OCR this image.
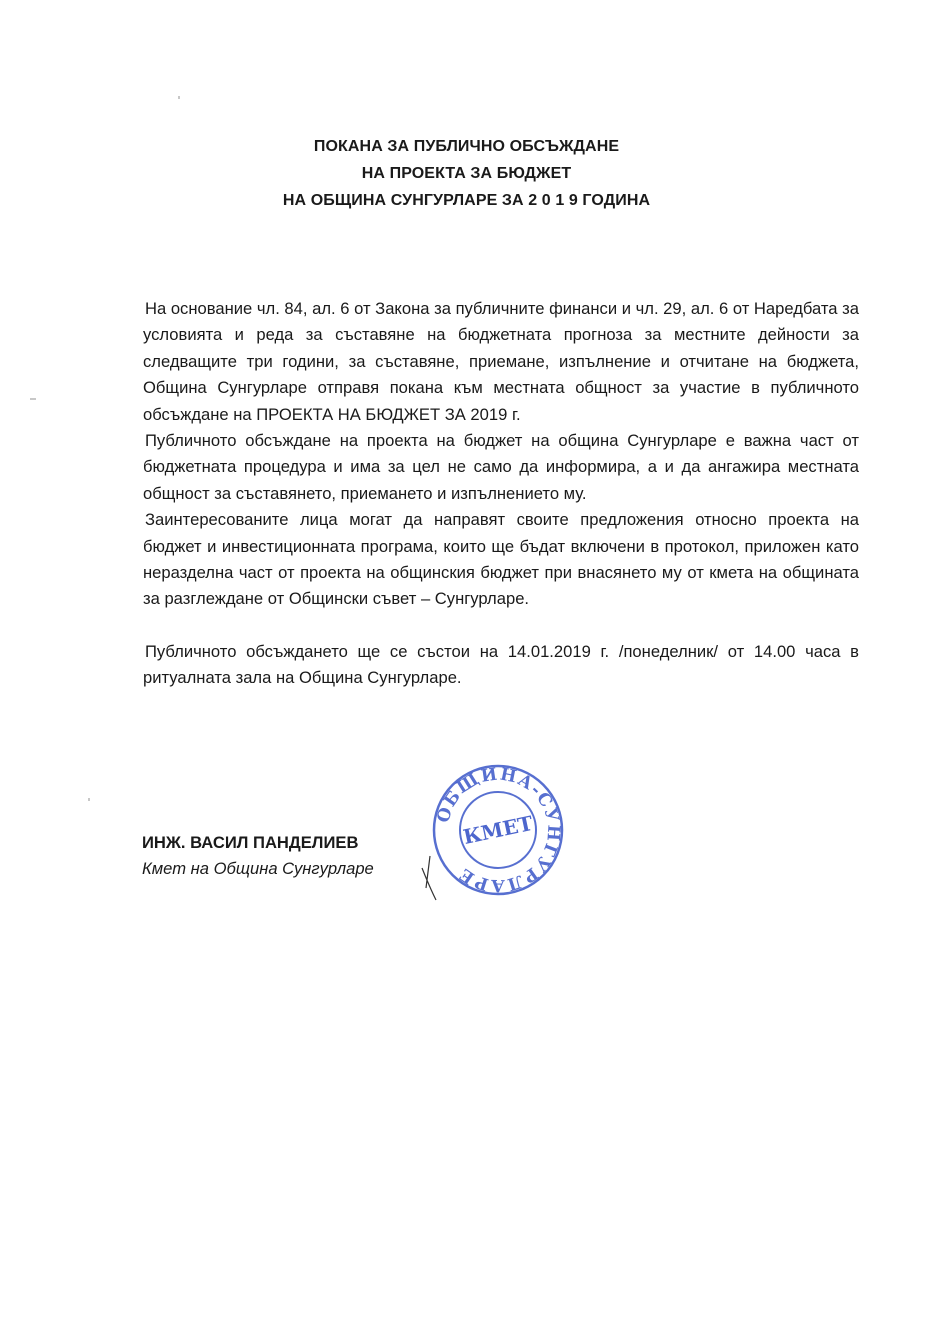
ПОКАНА ЗА ПУБЛИЧНО ОБСЪЖДАНЕ
НА ПРОЕКТА ЗА БЮДЖЕТ
НА ОБЩИНА СУНГУРЛАРЕ ЗА 2 0 1 9 ГОДИНА

На основание чл. 84, ал. 6 от Закона за публичните финанси и чл. 29, ал. 6 от Наредбата за условията и реда за съставяне на бюджетната прогноза за местните дейности за следващите три години, за съставяне, приемане, изпълнение и отчитане на бюджета, Община Сунгурларе отправя покана към местната общност за участие в публичното обсъждане на ПРОЕКТА НА БЮДЖЕТ ЗА 2019 г.

Публичното обсъждане на проекта на бюджет на община Сунгурларе е важна част от бюджетната процедура и има за цел не само да информира, а и да ангажира местната общност за съставянето, приемането и изпълнението му.

Заинтересованите лица могат да направят своите предложения относно проекта на бюджет и инвестиционната програма, които ще бъдат включени в протокол, приложен като неразделна част от проекта на общинския бюджет при внасянето му от кмета на общината за разглеждане от Общински съвет – Сунгурларе.

Публичното обсъждането ще се състои на 14.01.2019 г. /понеделник/ от 14.00 часа в ритуалната зала на Община Сунгурларе.

ИНЖ. ВАСИЛ ПАНДЕЛИЕВ
Кмет на Община Сунгурларе
ОБЩИНА-СУНГУРЛАРЕ
КМЕТ
